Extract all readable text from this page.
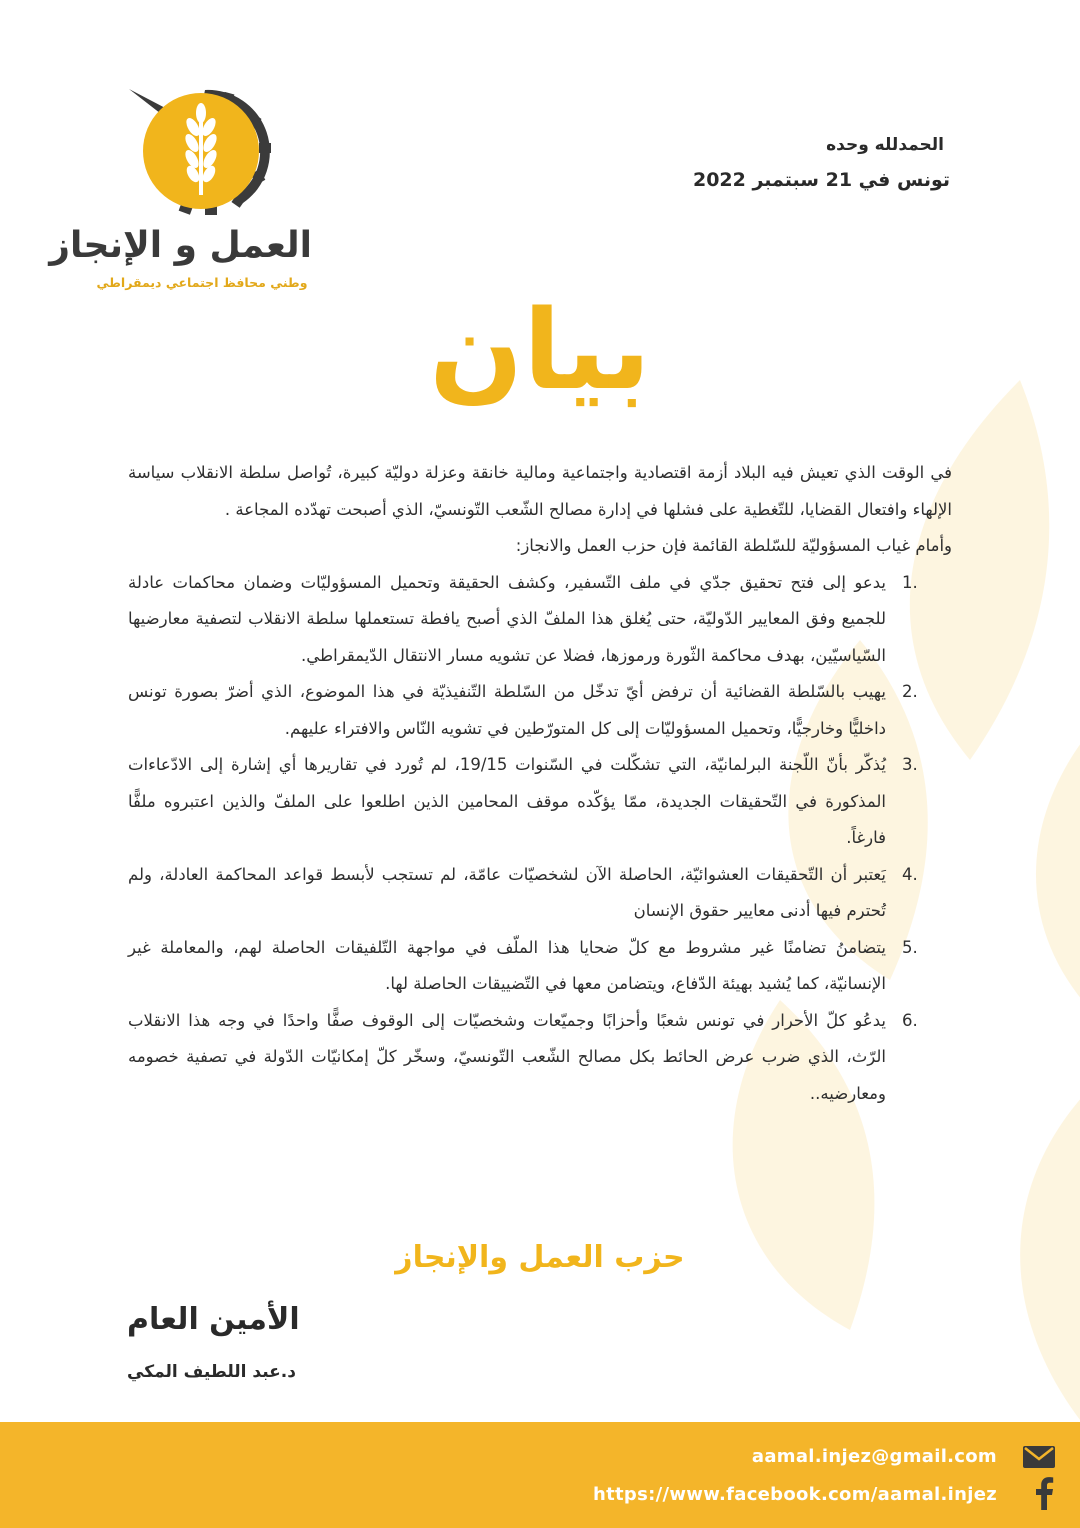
العمل و الإنجاز
وطني محافظ اجتماعي ديمقراطي
الحمدلله وحده
تونس في 21 سبتمبر 2022
بيان

في الوقت الذي تعيش فيه البلاد أزمة اقتصادية واجتماعية ومالية خانقة وعزلة دوليّة كبيرة، تُواصل سلطة الانقلاب سياسة الإلهاء وافتعال القضايا، للتّغطية على فشلها في إدارة مصالح الشّعب التّونسيّ، الذي أصبحت تهدّده المجاعة .

وأمام غياب المسؤوليّة للسّلطة القائمة فإن حزب العمل والانجاز:

1.
يدعو إلى فتح تحقيق جدّي في ملف التّسفير، وكشف الحقيقة وتحميل المسؤوليّات وضمان محاكمات عادلة للجميع وفق المعايير الدّوليّة، حتى يُغلق هذا الملفّ الذي أصبح يافطة تستعملها سلطة الانقلاب لتصفية معارضيها السّياسيّين، بهدف محاكمة الثّورة ورموزها، فضلا عن تشويه مسار الانتقال الدّيمقراطي.
2.
يهيب بالسّلطة القضائية أن ترفض أيّ تدخّل من السّلطة التّنفيذيّة في هذا الموضوع، الذي أضرّ بصورة تونس داخليًّا وخارجيًّا، وتحميل المسؤوليّات إلى كل المتورّطين في تشويه النّاس والافتراء عليهم.
3.
يُذكّر بأنّ اللّجنة البرلمانيّة، التي تشكّلت في السّنوات 19/15، لم تُورد في تقاريرها أي إشارة إلى الادّعاءات المذكورة في التّحقيقات الجديدة، ممّا يؤكّده موقف المحامين الذين اطلعوا على الملفّ والذين اعتبروه ملفًّا فارغاً.
4.
يَعتبر أن التّحقيقات العشوائيّة، الحاصلة الآن لشخصيّات عامّة، لم تستجب لأبسط قواعد المحاكمة العادلة، ولم تُحترم فيها أدنى معايير حقوق الإنسان
5.
يتضامنُ تضامنًا غير مشروط مع كلّ ضحايا هذا الملّف في مواجهة التّلفيقات الحاصلة لهم، والمعاملة غير الإنسانيّة، كما يُشيد بهيئة الدّفاع، ويتضامن معها في التّضييقات الحاصلة لها.
6.
يدعُو كلّ الأحرار في تونس شعبًا وأحزابًا وجميّعات وشخصيّات إلى الوقوف صفًّا واحدًا في وجه هذا الانقلاب الرّث، الذي ضرب عرض الحائط بكل مصالح الشّعب التّونسيّ، وسخّر كلّ إمكانيّات الدّولة في تصفية خصومه ومعارضيه..
حزب العمل والإنجاز
الأمين العام
د.عبد اللطيف المكي
aamal.injez@gmail.com
https://www.facebook.com/aamal.injez
